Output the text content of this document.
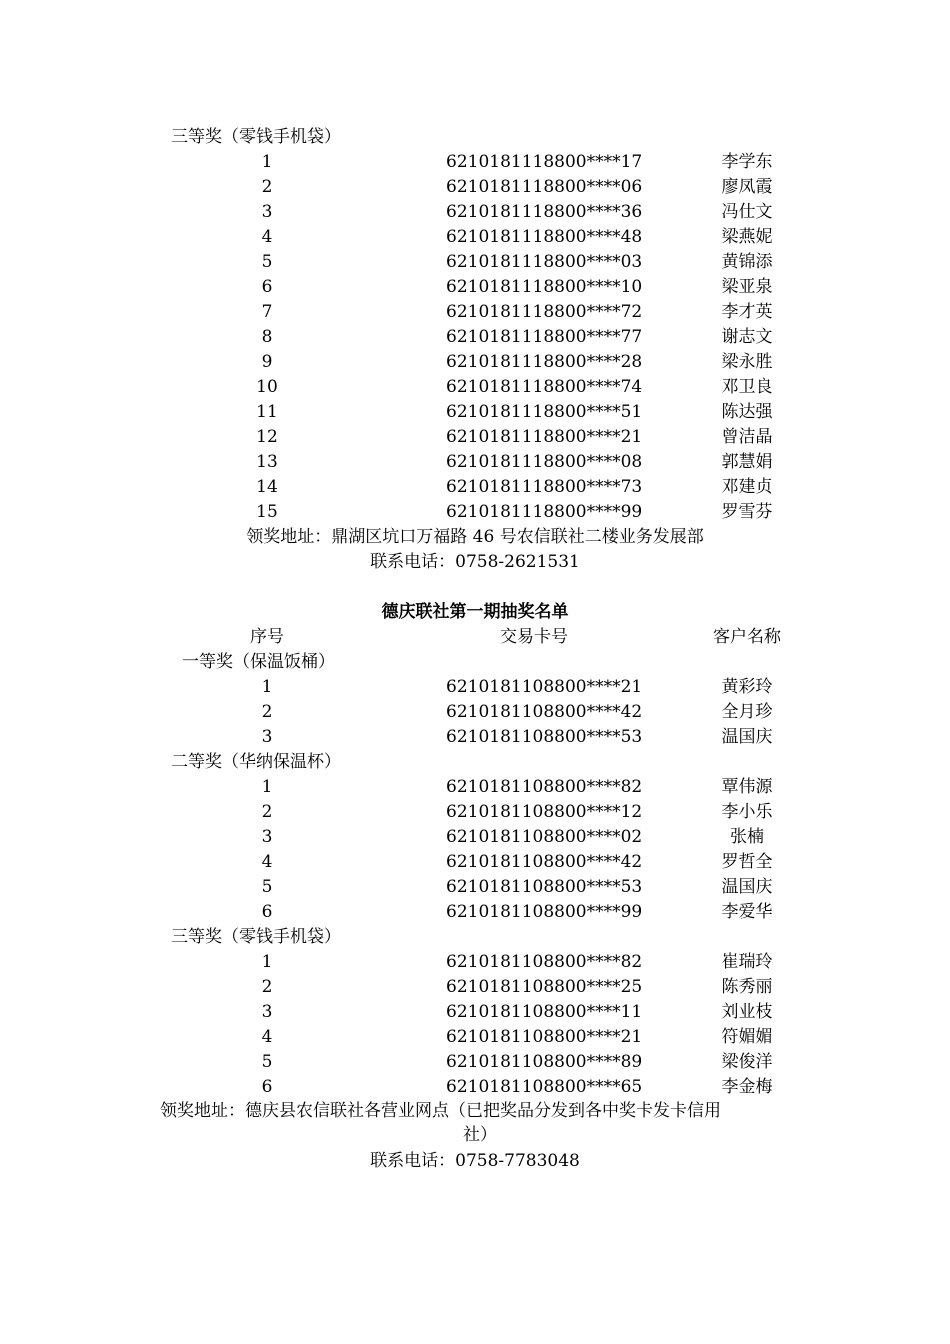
三等奖（零钱手机袋）
1	6210181118800****17	李学东
2	6210181118800****06	廖凤霞
3	6210181118800****36	冯仕文
4	6210181118800****48	梁燕妮
5	6210181118800****03	黄锦添
6	6210181118800****10	梁亚泉
7	6210181118800****72	李才英
8	6210181118800****77	谢志文
9	6210181118800****28	梁永胜
10	6210181118800****74	邓卫良
11	6210181118800****51	陈达强
12	6210181118800****21	曾洁晶
13	6210181118800****08	郭慧娟
14	6210181118800****73	邓建贞
15	6210181118800****99	罗雪芬
领奖地址：鼎湖区坑口万福路 46 号农信联社二楼业务发展部
联系电话：0758-2621531
德庆联社第一期抽奖名单
序号	交易卡号	客户名称
一等奖（保温饭桶）
1	6210181108800****21	黄彩玲
2	6210181108800****42	全月珍
3	6210181108800****53	温国庆
二等奖（华纳保温杯）
1	6210181108800****82	覃伟源
2	6210181108800****12	李小乐
3	6210181108800****02	张楠
4	6210181108800****42	罗哲全
5	6210181108800****53	温国庆
6	6210181108800****99	李爱华
三等奖（零钱手机袋）
1	6210181108800****82	崔瑞玲
2	6210181108800****25	陈秀丽
3	6210181108800****11	刘业枝
4	6210181108800****21	符媚媚
5	6210181108800****89	梁俊洋
6	6210181108800****65	李金梅
领奖地址：德庆县农信联社各营业网点（已把奖品分发到各中奖卡发卡信用
社）
联系电话：0758-7783048
